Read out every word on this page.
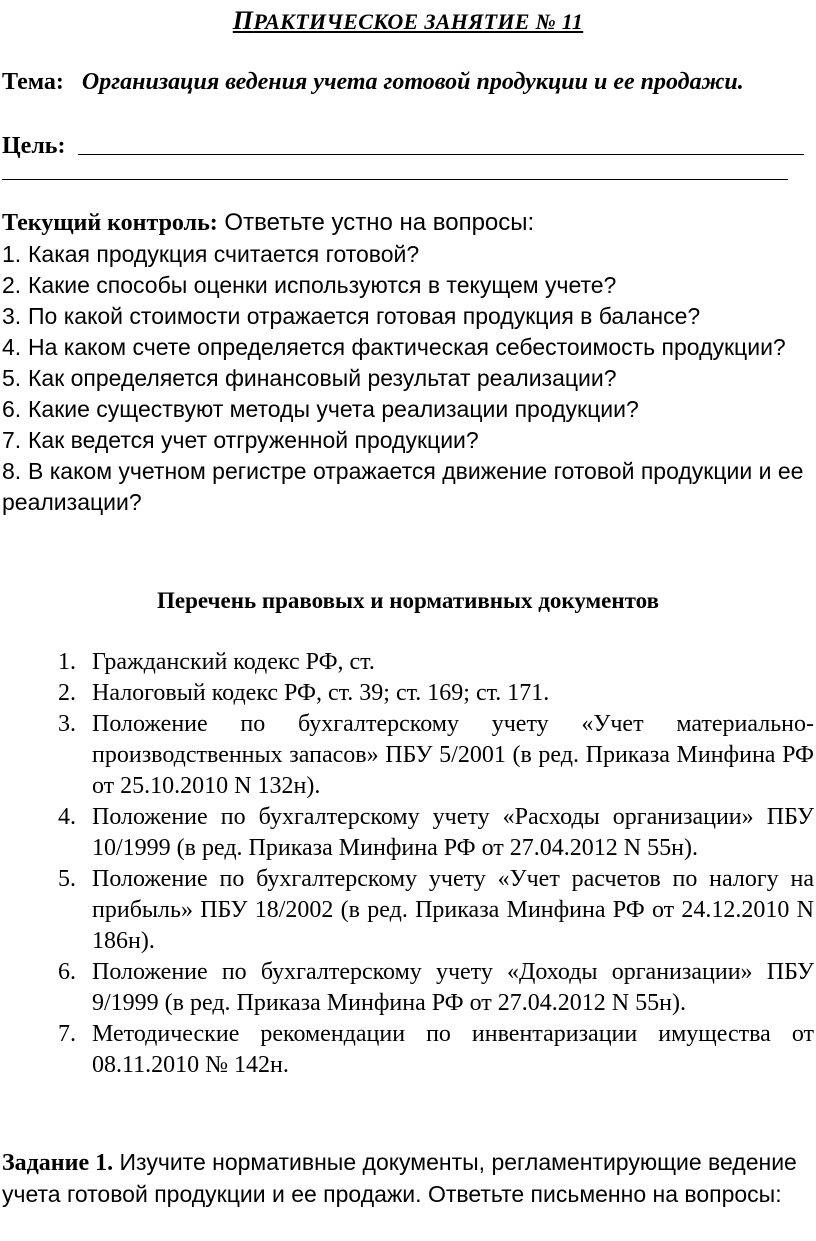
ПРАКТИЧЕСКОЕ ЗАНЯТИЕ № 11
Тема: Организация ведения учета готовой продукции и ее продажи.
Цель:
Текущий контроль: Ответьте устно на вопросы:
1. Какая продукция считается готовой?
2. Какие способы оценки используются в текущем учете?
3. По какой стоимости отражается готовая продукция в балансе?
4. На каком счете определяется фактическая себестоимость продукции?
5. Как определяется финансовый результат реализации?
6. Какие существуют методы учета реализации продукции?
7. Как ведется учет отгруженной продукции?
8. В каком учетном регистре отражается движение готовой продукции и ее реализации?
Перечень правовых и нормативных документов
1. Гражданский кодекс РФ, ст.
2. Налоговый кодекс РФ, ст. 39; ст. 169; ст. 171.
3. Положение по бухгалтерскому учету «Учет материально-производственных запасов» ПБУ 5/2001 (в ред. Приказа Минфина РФ от 25.10.2010 N 132н).
4. Положение по бухгалтерскому учету «Расходы организации» ПБУ 10/1999 (в ред. Приказа Минфина РФ от 27.04.2012 N 55н).
5. Положение по бухгалтерскому учету «Учет расчетов по налогу на прибыль» ПБУ 18/2002 (в ред. Приказа Минфина РФ от 24.12.2010 N 186н).
6. Положение по бухгалтерскому учету «Доходы организации» ПБУ 9/1999 (в ред. Приказа Минфина РФ от 27.04.2012 N 55н).
7. Методические рекомендации по инвентаризации имущества от 08.11.2010 № 142н.
Задание 1. Изучите нормативные документы, регламентирующие ведение учета готовой продукции и ее продажи. Ответьте письменно на вопросы:
